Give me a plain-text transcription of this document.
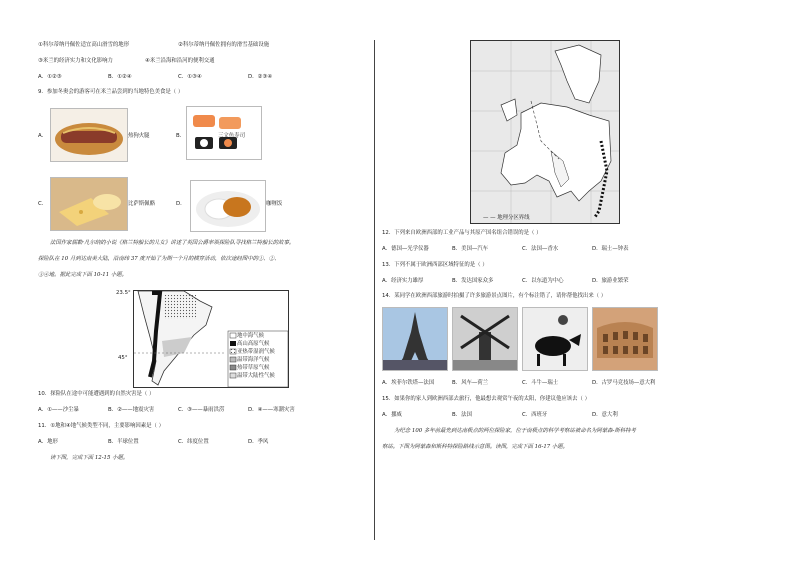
①科尔蒂纳丹佩佐适宜高山滑雪的地形	②科尔蒂纳丹佩佐拥有的滑雪基础设施
③米兰的经济实力和文化影响力	④米兰沿海和沿河的便利交通
A．①②③	B．①②④	C．①③④	D．②③④
9．参加冬奥会的游客可在米兰品尝到的当地特色美食是（ ）
A．	热狗火腿	B．	三文鱼寿司
C．	比萨斯佩酪	D．	咖喱饭
法国作家儒勒·凡尔纳的小说《格兰特船长的儿女》讲述了英国公爵率领探险队寻找格兰特船长的故事。
探险队在 10 月到达南美大陆，沿南纬 37 度开始了为期一个月的横穿活动，依次途经图中的①、②、
③④地。据此完成下面 10-11 小题。
23.5°
45°
地中海气候
高山高原气候
亚热带湿润气候
温带海洋气候
热带草原气候
温带大陆性气候
10．探险队在途中可能遭遇到的自然灾害是（ ）
A．①——沙尘暴	B．②——地震灾害	C．③——暴雨洪涝	D．④——寒潮灾害
11．①地和④地气候类型不同，主要影响因素是（ ）
A．地形	B．半球位置	C．纬度位置	D．季风
读下图，完成下面 12-15 小题。
— — 地理分区界线
12．下列来自欧洲西部的工业产品与其原产国名组合错误的是（ ）
A．德国—光学仪器	B．美国—汽车	C．法国—香水	D．瑞士—钟表
13．下列不属于欧洲西部区域特征的是（ ）
A．经济实力雄厚	B．发达国家众多	C．以东道为中心	D．旅游业繁荣
14．某同学在欧洲西部旅游时拍摄了许多旅游景点图片，有个标注错了，请你帮他找出来（ ）
A．埃菲尔铁塔—法国	B．风车—荷兰	C．斗牛—瑞士	D．古罗马竞技场—意大利
15．如果你的家人到欧洲西部去旅行，他最想去观赏午夜的太阳，你建议他应该去（ ）
A．挪威	B．法国	C．西班牙	D．意大利
为纪念 100 多年前最先到达南极点的两位探险家，位于南极点的科学考察站被命名为阿蒙森-斯科特考
察站。下图为阿蒙森和斯科特探险路线示意图。读图，完成下面 16-17 小题。
